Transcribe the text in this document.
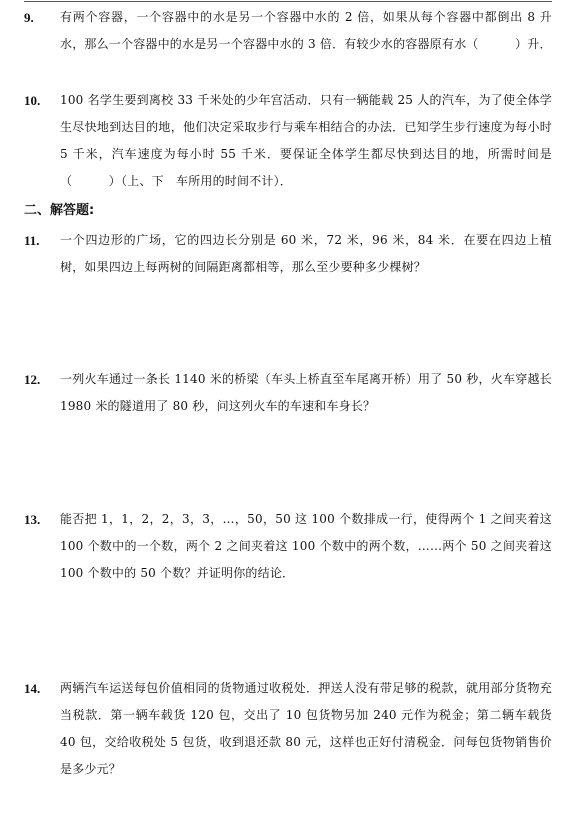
9.	有两个容器，一个容器中的水是另一个容器中水的 2 倍，如果从每个容器中都倒出 8 升水，那么一个容器中的水是另一个容器中水的 3 倍．有较少水的容器原有水（　　　）升．
10.	100 名学生要到离校 33 千米处的少年宫活动．只有一辆能载 25 人的汽车，为了使全体学生尽快地到达目的地，他们决定采取步行与乘车相结合的办法．已知学生步行速度为每小时 5 千米，汽车速度为每小时 55 千米．要保证全体学生都尽快到达目的地，所需时间是（　　　）（上、下　车所用的时间不计）．
二、解答题:
11.	一个四边形的广场，它的四边长分别是 60 米，72 米，96 米，84 米．在要在四边上植树，如果四边上每两树的间隔距离都相等，那么至少要种多少棵树？
12.	一列火车通过一条长 1140 米的桥梁（车头上桥直至车尾离开桥）用了 50 秒，火车穿越长 1980 米的隧道用了 80 秒，问这列火车的车速和车身长？
13.	能否把 1，1，2，2，3，3，…，50，50 这 100 个数排成一行，使得两个 1 之间夹着这 100 个数中的一个数，两个 2 之间夹着这 100 个数中的两个数，……两个 50 之间夹着这 100 个数中的 50 个数？并证明你的结论．
14.	两辆汽车运送每包价值相同的货物通过收税处．押送人没有带足够的税款，就用部分货物充当税款．第一辆车载货 120 包，交出了 10 包货物另加 240 元作为税金；第二辆车载货 40 包，交给收税处 5 包货，收到退还款 80 元，这样也正好付清税金．问每包货物销售价是多少元？
